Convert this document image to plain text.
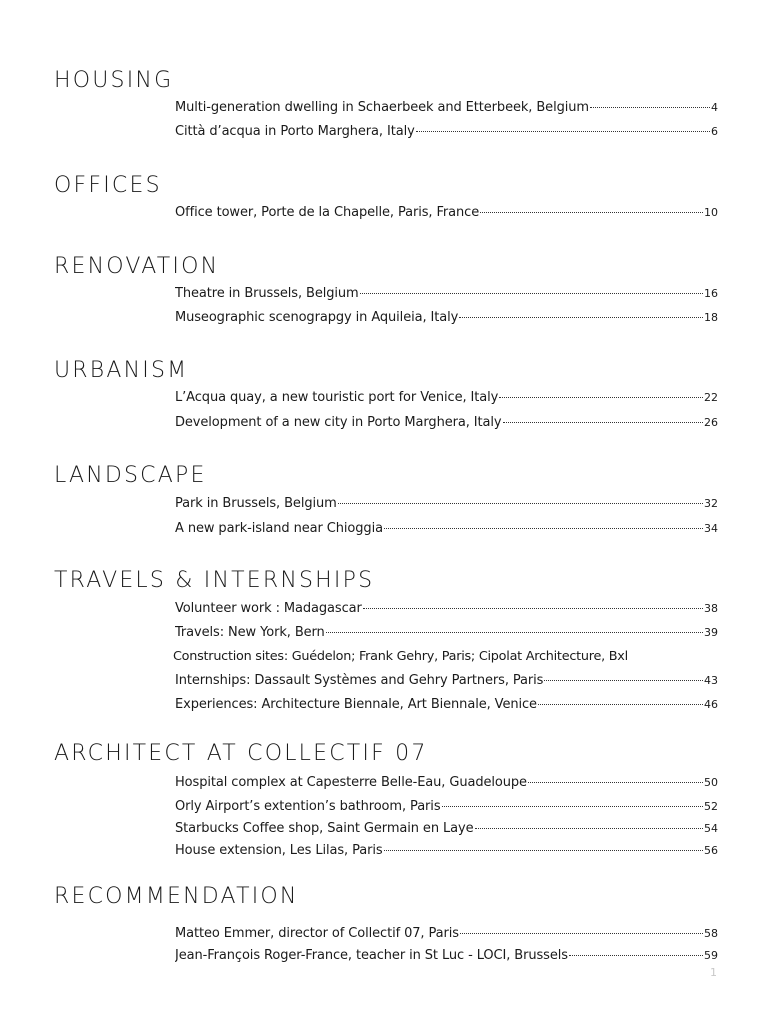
HOUSING
Multi-generation dwelling in Schaerbeek and Etterbeek, Belgium	4
Città d’acqua in Porto Marghera, Italy	6
OFFICES
Office tower, Porte de la Chapelle, Paris, France	10
RENOVATION
Theatre in Brussels, Belgium	16
Museographic scenograpgy in Aquileia, Italy	18
URBANISM
L’Acqua quay, a new touristic port for Venice, Italy	22
Development of a new city in Porto Marghera, Italy	26
LANDSCAPE
Park in Brussels, Belgium	32
A new park-island near Chioggia	34
TRAVELS & INTERNSHIPS
Volunteer work : Madagascar	38
Travels: New York, Bern	39
Construction sites: Guédelon; Frank Gehry, Paris; Cipolat Architecture, Bxl
Internships: Dassault Systèmes and Gehry Partners, Paris	43
Experiences: Architecture Biennale, Art Biennale, Venice	46
ARCHITECT AT COLLECTIF 07
Hospital complex at Capesterre Belle-Eau, Guadeloupe	50
Orly Airport’s extention’s bathroom, Paris	52
Starbucks Coffee shop, Saint Germain en Laye	54
House extension, Les Lilas, Paris	56
RECOMMENDATION
Matteo Emmer, director of Collectif 07, Paris	58
Jean-François Roger-France, teacher in St Luc - LOCI, Brussels	59
1
